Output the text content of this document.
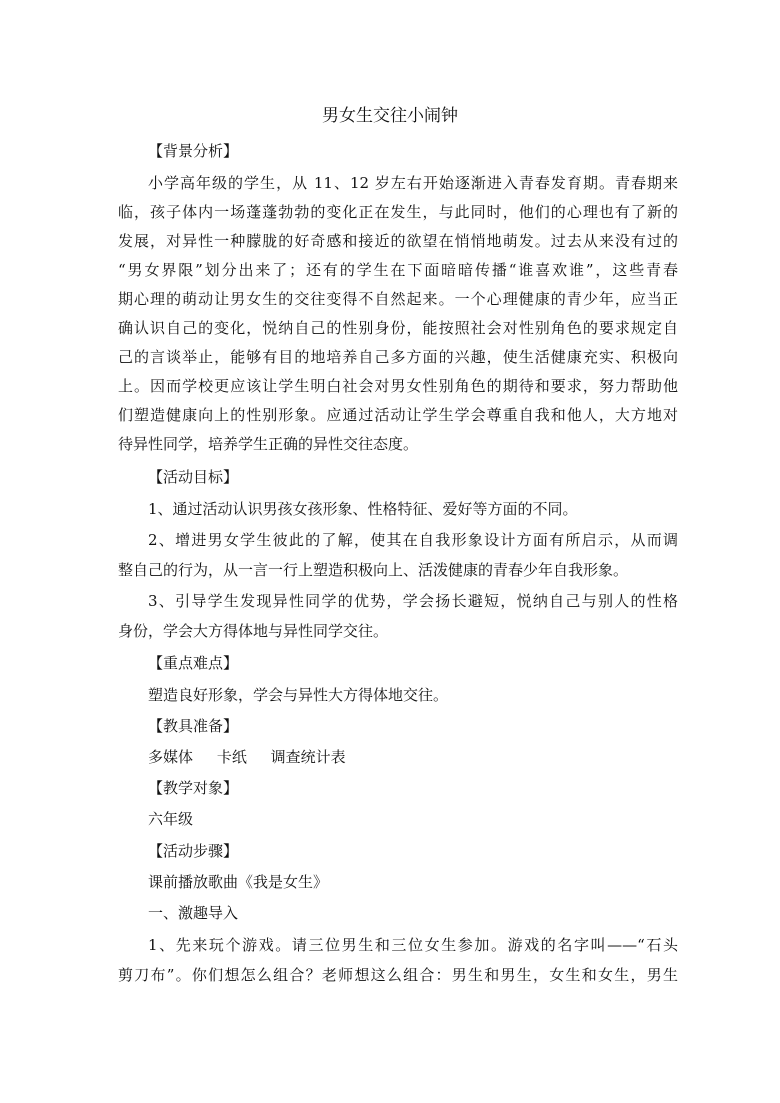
男女生交往小闹钟
【背景分析】
小学高年级的学生，从 11、12 岁左右开始逐渐进入青春发育期。青春期来
临，孩子体内一场蓬蓬勃勃的变化正在发生，与此同时，他们的心理也有了新的
发展，对异性一种朦胧的好奇感和接近的欲望在悄悄地萌发。过去从来没有过的
“男女界限”划分出来了；还有的学生在下面暗暗传播“谁喜欢谁”，这些青春
期心理的萌动让男女生的交往变得不自然起来。一个心理健康的青少年，应当正
确认识自己的变化，悦纳自己的性别身份，能按照社会对性别角色的要求规定自
己的言谈举止，能够有目的地培养自己多方面的兴趣，使生活健康充实、积极向
上。因而学校更应该让学生明白社会对男女性别角色的期待和要求，努力帮助他
们塑造健康向上的性别形象。应通过活动让学生学会尊重自我和他人，大方地对
待异性同学，培养学生正确的异性交往态度。
【活动目标】
1、通过活动认识男孩女孩形象、性格特征、爱好等方面的不同。
2、增进男女学生彼此的了解，使其在自我形象设计方面有所启示，从而调
整自己的行为，从一言一行上塑造积极向上、活泼健康的青春少年自我形象。
3、引导学生发现异性同学的优势，学会扬长避短，悦纳自己与别人的性格
身份，学会大方得体地与异性同学交往。
【重点难点】
塑造良好形象，学会与异性大方得体地交往。
【教具准备】
多媒体     卡纸     调查统计表
【教学对象】
六年级
【活动步骤】
课前播放歌曲《我是女生》
一、激趣导入
1、先来玩个游戏。请三位男生和三位女生参加。游戏的名字叫——“石头
剪刀布”。你们想怎么组合？老师想这么组合：男生和男生，女生和女生，男生
